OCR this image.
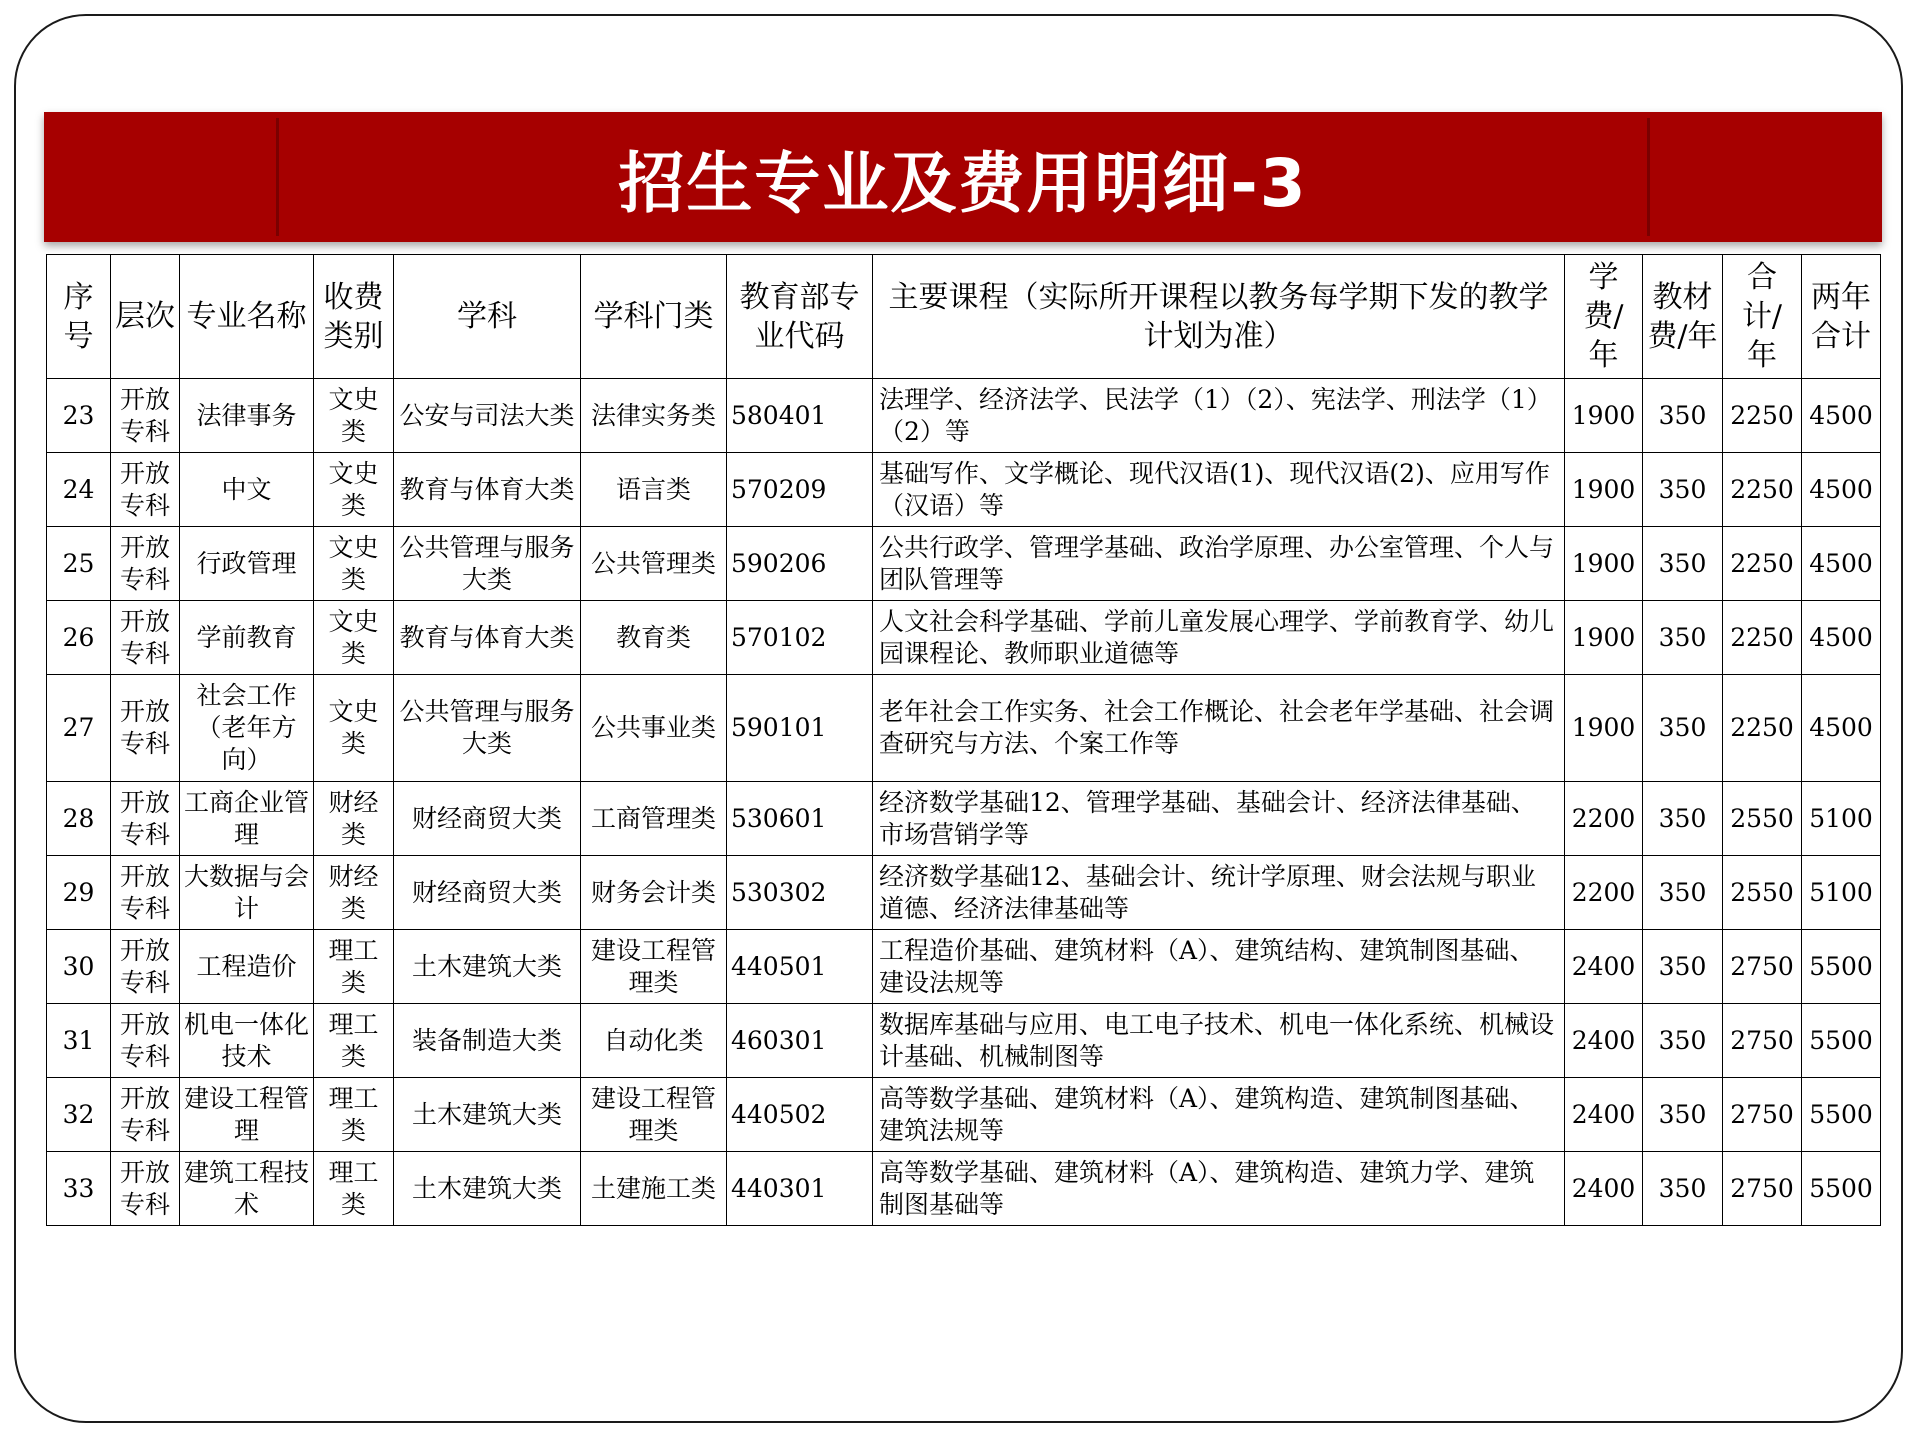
招生专业及费用明细-3
序号	层次	专业名称	收费类别	学科	学科门类	教育部专业代码	主要课程（实际所开课程以教务每学期下发的教学计划为准）	学费/年	教材费/年	合计/年	两年合计
23	开放专科	法律事务	文史类	公安与司法大类	法律实务类	580401	法理学、经济法学、民法学（1）（2）、宪法学、刑法学（1）（2）等	1900	350	2250	4500
24	开放专科	中文	文史类	教育与体育大类	语言类	570209	基础写作、文学概论、现代汉语(1)、现代汉语(2)、应用写作（汉语）等	1900	350	2250	4500
25	开放专科	行政管理	文史类	公共管理与服务大类	公共管理类	590206	公共行政学、管理学基础、政治学原理、办公室管理、个人与团队管理等	1900	350	2250	4500
26	开放专科	学前教育	文史类	教育与体育大类	教育类	570102	人文社会科学基础、学前儿童发展心理学、学前教育学、幼儿园课程论、教师职业道德等	1900	350	2250	4500
27	开放专科	社会工作（老年方向）	文史类	公共管理与服务大类	公共事业类	590101	老年社会工作实务、社会工作概论、社会老年学基础、社会调查研究与方法、个案工作等	1900	350	2250	4500
28	开放专科	工商企业管理	财经类	财经商贸大类	工商管理类	530601	经济数学基础12、管理学基础、基础会计、经济法律基础、市场营销学等	2200	350	2550	5100
29	开放专科	大数据与会计	财经类	财经商贸大类	财务会计类	530302	经济数学基础12、基础会计、统计学原理、财会法规与职业道德、经济法律基础等	2200	350	2550	5100
30	开放专科	工程造价	理工类	土木建筑大类	建设工程管理类	440501	工程造价基础、建筑材料（A）、建筑结构、建筑制图基础、建设法规等	2400	350	2750	5500
31	开放专科	机电一体化技术	理工类	装备制造大类	自动化类	460301	数据库基础与应用、电工电子技术、机电一体化系统、机械设计基础、机械制图等	2400	350	2750	5500
32	开放专科	建设工程管理	理工类	土木建筑大类	建设工程管理类	440502	高等数学基础、建筑材料（A）、建筑构造、建筑制图基础、建筑法规等	2400	350	2750	5500
33	开放专科	建筑工程技术	理工类	土木建筑大类	土建施工类	440301	高等数学基础、建筑材料（A）、建筑构造、建筑力学、建筑制图基础等	2400	350	2750	5500
